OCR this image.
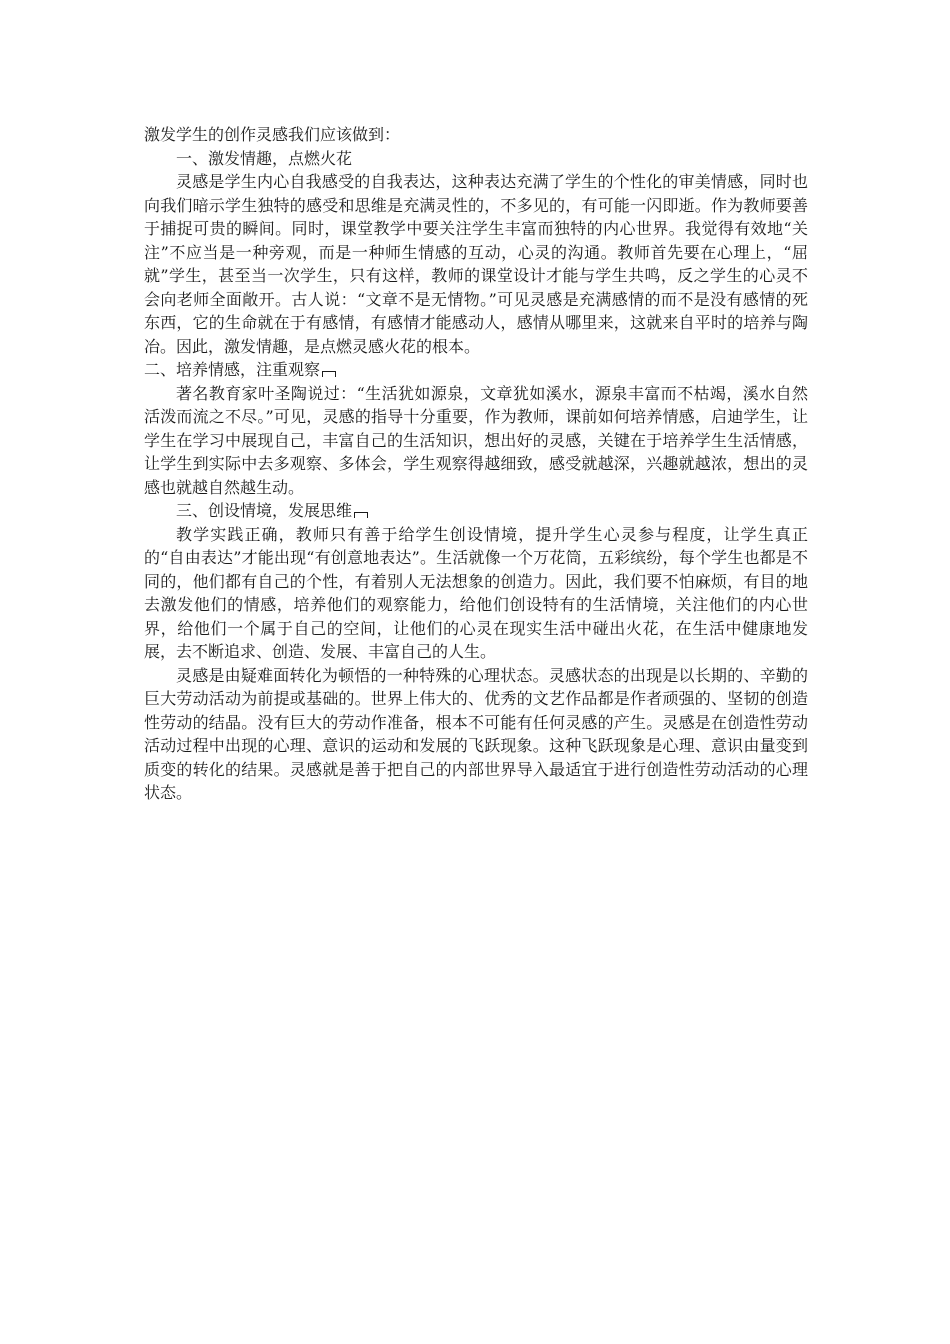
激发学生的创作灵感我们应该做到：

一、激发情趣，点燃火花

灵感是学生内心自我感受的自我表达，这种表达充满了学生的个性化的审美情感，同时也向我们暗示学生独特的感受和思维是充满灵性的，不多见的，有可能一闪即逝。作为教师要善于捕捉可贵的瞬间。同时，课堂教学中要关注学生丰富而独特的内心世界。我觉得有效地“关注”不应当是一种旁观，而是一种师生情感的互动，心灵的沟通。教师首先要在心理上，“屈就”学生，甚至当一次学生，只有这样，教师的课堂设计才能与学生共鸣，反之学生的心灵不会向老师全面敞开。古人说：“文章不是无情物。”可见灵感是充满感情的而不是没有感情的死东西，它的生命就在于有感情，有感情才能感动人，感情从哪里来，这就来自平时的培养与陶冶。因此，激发情趣，是点燃灵感火花的根本。

二、培养情感，注重观察

著名教育家叶圣陶说过：“生活犹如源泉，文章犹如溪水，源泉丰富而不枯竭，溪水自然活泼而流之不尽。”可见，灵感的指导十分重要，作为教师，课前如何培养情感，启迪学生，让学生在学习中展现自己，丰富自己的生活知识，想出好的灵感，关键在于培养学生生活情感，让学生到实际中去多观察、多体会，学生观察得越细致，感受就越深，兴趣就越浓，想出的灵感也就越自然越生动。

三、创设情境，发展思维

教学实践正确，教师只有善于给学生创设情境，提升学生心灵参与程度，让学生真正的“自由表达”才能出现“有创意地表达”。生活就像一个万花筒，五彩缤纷，每个学生也都是不同的，他们都有自己的个性，有着别人无法想象的创造力。因此，我们要不怕麻烦，有目的地去激发他们的情感，培养他们的观察能力，给他们创设特有的生活情境，关注他们的内心世界，给他们一个属于自己的空间，让他们的心灵在现实生活中碰出火花，在生活中健康地发展，去不断追求、创造、发展、丰富自己的人生。

灵感是由疑难面转化为顿悟的一种特殊的心理状态。灵感状态的出现是以长期的、辛勤的巨大劳动活动为前提或基础的。世界上伟大的、优秀的文艺作品都是作者顽强的、坚韧的创造性劳动的结晶。没有巨大的劳动作准备，根本不可能有任何灵感的产生。灵感是在创造性劳动活动过程中出现的心理、意识的运动和发展的飞跃现象。这种飞跃现象是心理、意识由量变到质变的转化的结果。灵感就是善于把自己的内部世界导入最适宜于进行创造性劳动活动的心理状态。
